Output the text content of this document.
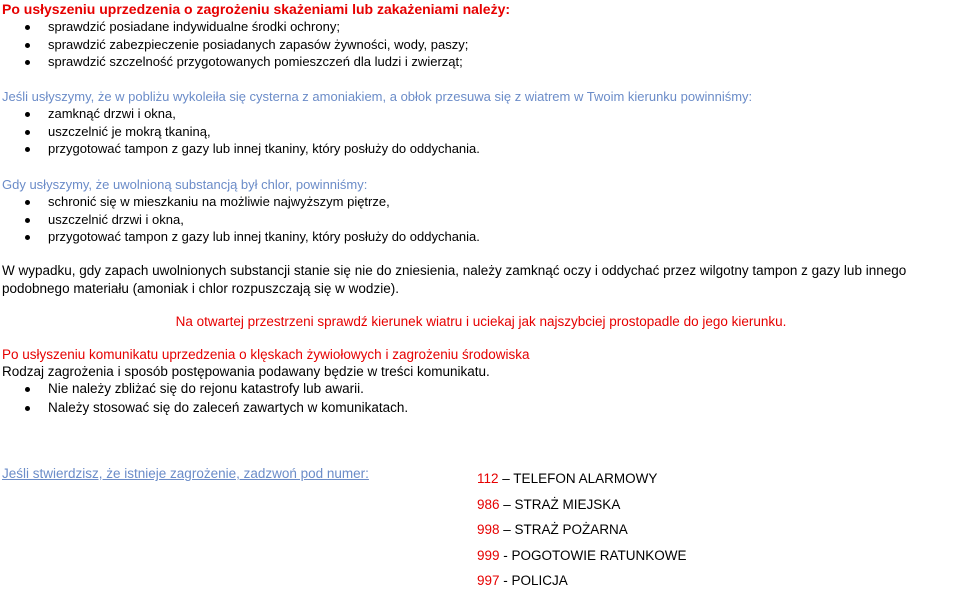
Po usłyszeniu uprzedzenia o zagrożeniu skażeniami lub zakażeniami należy:
sprawdzić posiadane indywidualne środki ochrony;
sprawdzić zabezpieczenie posiadanych zapasów żywności, wody, paszy;
sprawdzić szczelność przygotowanych pomieszczeń dla ludzi i zwierząt;
Jeśli usłyszymy, że w pobliżu wykoleiła się cysterna z amoniakiem, a obłok przesuwa się z wiatrem w Twoim kierunku powinniśmy:
zamknąć drzwi i okna,
uszczelnić je mokrą tkaniną,
przygotować tampon z gazy lub innej tkaniny, który posłuży do oddychania.
Gdy usłyszymy, że uwolnioną substancją był chlor, powinniśmy:
schronić się w mieszkaniu na możliwie najwyższym piętrze,
uszczelnić drzwi i okna,
przygotować tampon z gazy lub innej tkaniny, który posłuży do oddychania.
W wypadku, gdy zapach uwolnionych substancji stanie się nie do zniesienia, należy zamknąć oczy i oddychać przez wilgotny tampon z gazy lub innego podobnego materiału (amoniak i chlor rozpuszczają się w wodzie).
Na otwartej przestrzeni sprawdź kierunek wiatru i uciekaj jak najszybciej prostopadle do jego kierunku.
Po usłyszeniu komunikatu uprzedzenia o klęskach żywiołowych i zagrożeniu środowiska
Rodzaj zagrożenia i sposób postępowania podawany będzie w treści komunikatu.
Nie należy zbliżać się do rejonu katastrofy lub awarii.
Należy stosować się do zaleceń zawartych w komunikatach.
Jeśli stwierdzisz, że istnieje zagrożenie, zadzwoń pod numer:	112 – TELEFON ALARMOWY
986 – STRAŻ MIEJSKA
998 – STRAŻ POŻARNA
999 - POGOTOWIE RATUNKOWE
997 - POLICJA
